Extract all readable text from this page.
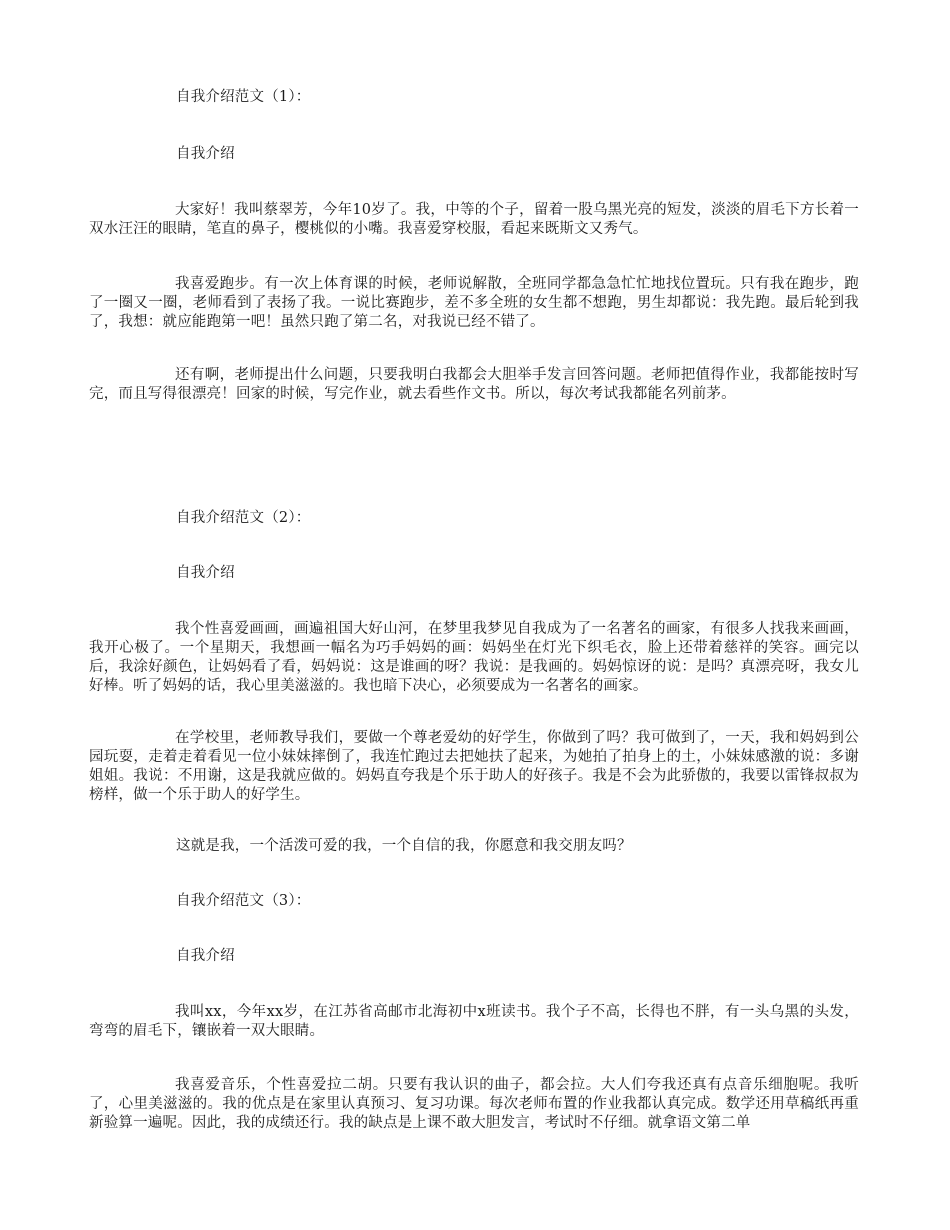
自我介绍范文（1）：
自我介绍
大家好！我叫蔡翠芳，今年10岁了。我，中等的个子，留着一股乌黑光亮的短发，淡淡的眉毛下方长着一双水汪汪的眼睛，笔直的鼻子，樱桃似的小嘴。我喜爱穿校服，看起来既斯文又秀气。
我喜爱跑步。有一次上体育课的时候，老师说解散，全班同学都急急忙忙地找位置玩。只有我在跑步，跑了一圈又一圈，老师看到了表扬了我。一说比赛跑步，差不多全班的女生都不想跑，男生却都说：我先跑。最后轮到我了，我想：就应能跑第一吧！虽然只跑了第二名，对我说已经不错了。
还有啊，老师提出什么问题，只要我明白我都会大胆举手发言回答问题。老师把值得作业，我都能按时写完，而且写得很漂亮！回家的时候，写完作业，就去看些作文书。所以，每次考试我都能名列前茅。
自我介绍范文（2）：
自我介绍
我个性喜爱画画，画遍祖国大好山河，在梦里我梦见自我成为了一名著名的画家，有很多人找我来画画，我开心极了。一个星期天，我想画一幅名为巧手妈妈的画：妈妈坐在灯光下织毛衣，脸上还带着慈祥的笑容。画完以后，我涂好颜色，让妈妈看了看，妈妈说：这是谁画的呀？我说：是我画的。妈妈惊讶的说：是吗？真漂亮呀，我女儿好棒。听了妈妈的话，我心里美滋滋的。我也暗下决心，必须要成为一名著名的画家。
在学校里，老师教导我们，要做一个尊老爱幼的好学生，你做到了吗？我可做到了，一天，我和妈妈到公园玩耍，走着走着看见一位小妹妹摔倒了，我连忙跑过去把她扶了起来，为她拍了拍身上的土，小妹妹感激的说：多谢姐姐。我说：不用谢，这是我就应做的。妈妈直夸我是个乐于助人的好孩子。我是不会为此骄傲的，我要以雷锋叔叔为榜样，做一个乐于助人的好学生。
这就是我，一个活泼可爱的我，一个自信的我，你愿意和我交朋友吗？
自我介绍范文（3）：
自我介绍
我叫xx，今年xx岁，在江苏省高邮市北海初中x班读书。我个子不高，长得也不胖，有一头乌黑的头发，弯弯的眉毛下，镶嵌着一双大眼睛。
我喜爱音乐，个性喜爱拉二胡。只要有我认识的曲子，都会拉。大人们夸我还真有点音乐细胞呢。我听了，心里美滋滋的。我的优点是在家里认真预习、复习功课。每次老师布置的作业我都认真完成。数学还用草稿纸再重新验算一遍呢。因此，我的成绩还行。我的缺点是上课不敢大胆发言，考试时不仔细。就拿语文第二单
